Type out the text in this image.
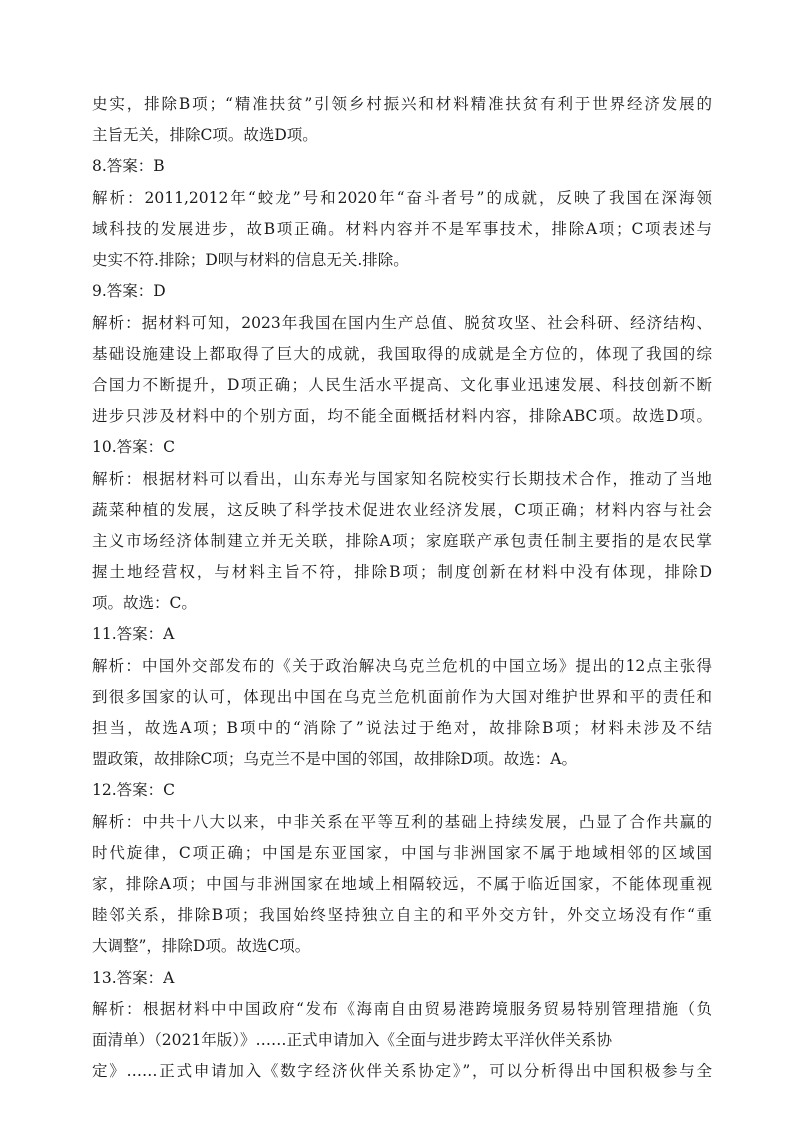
史实，排除B项；“精准扶贫”引领乡村振兴和材料精准扶贫有利于世界经济发展的
主旨无关，排除C项。故选D项。
8.答案：B
解析：2011,2012年“蛟龙”号和2020年“奋斗者号”的成就，反映了我国在深海领
域科技的发展进步，故B项正确。材料内容并不是军事技术，排除A项；C项表述与
史实不符.排除；D呗与材料的信息无关.排除。
9.答案：D
解析：据材料可知，2023年我国在国内生产总值、脱贫攻坚、社会科研、经济结构、
基础设施建设上都取得了巨大的成就，我国取得的成就是全方位的，体现了我国的综
合国力不断提升，D项正确；人民生活水平提高、文化事业迅速发展、科技创新不断
进步只涉及材料中的个别方面，均不能全面概括材料内容，排除ABC项。故选D项。
10.答案：C
解析：根据材料可以看出，山东寿光与国家知名院校实行长期技术合作，推动了当地
蔬菜种植的发展，这反映了科学技术促进农业经济发展，C项正确；材料内容与社会
主义市场经济体制建立并无关联，排除A项；家庭联产承包责任制主要指的是农民掌
握土地经营权，与材料主旨不符，排除B项；制度创新在材料中没有体现，排除D
项。故选：C。
11.答案：A
解析：中国外交部发布的《关于政治解决乌克兰危机的中国立场》提出的12点主张得
到很多国家的认可，体现出中国在乌克兰危机面前作为大国对维护世界和平的责任和
担当，故选A项；B项中的“消除了”说法过于绝对，故排除B项；材料未涉及不结
盟政策，故排除C项；乌克兰不是中国的邻国，故排除D项。故选：A。
12.答案：C
解析：中共十八大以来，中非关系在平等互利的基础上持续发展，凸显了合作共赢的
时代旋律，C项正确；中国是东亚国家，中国与非洲国家不属于地域相邻的区域国
家，排除A项；中国与非洲国家在地域上相隔较远，不属于临近国家，不能体现重视
睦邻关系，排除B项；我国始终坚持独立自主的和平外交方针，外交立场没有作“重
大调整”，排除D项。故选C项。
13.答案：A
解析：根据材料中中国政府“发布《海南自由贸易港跨境服务贸易特别管理措施（负
面清单）（2021年版）》……正式申请加入《全面与进步跨太平洋伙伴关系协
定》……正式申请加入《数字经济伙伴关系协定》”，可以分析得出中国积极参与全
